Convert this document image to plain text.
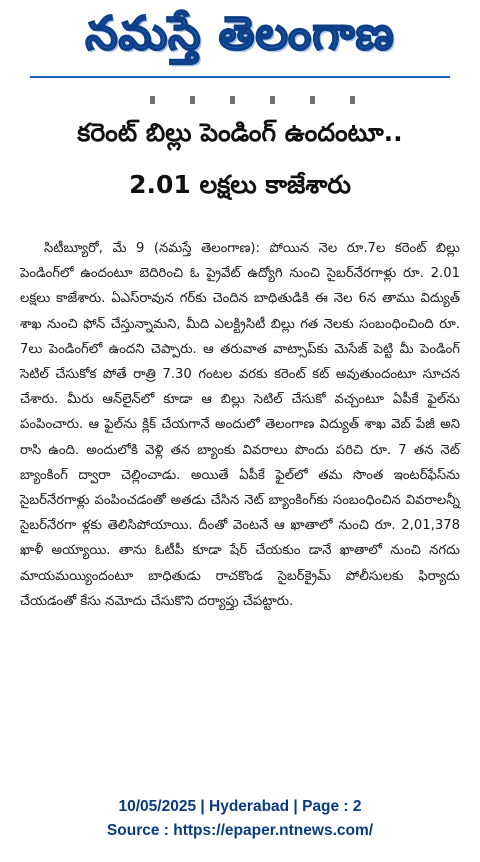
నమస్తే తెలంగాణ
కరెంట్ బిల్లు పెండింగ్ ఉందంటూ..
2.01 లక్షలు కాజేశారు

సిటీబ్యూరో, మే 9 (నమస్తే తెలంగాణ): పోయిన నెల రూ.7ల కరెంట్ బిల్లు పెండింగ్‌లో ఉందంటూ బెదిరించి ఓ ప్రైవేట్ ఉద్యోగి నుంచి సైబర్‌నేరగాళ్లు రూ. 2.01 లక్షలు కాజేశారు. ఏఎస్‌రావున గర్‌కు చెందిన బాధితుడికి ఈ నెల 6న తాము విద్యుత్ శాఖ నుంచి ఫోన్ చేస్తున్నామని, మీది ఎలక్ట్రిసిటీ బిల్లు గత నెలకు సంబంధించింది రూ. 7లు పెండింగ్‌లో ఉందని చెప్పారు. ఆ తరువాత వాట్సాప్‌కు మెసేజ్ పెట్టి మీ పెండింగ్ సెటిల్ చేసుకోక పోతే రాత్రి 7.30 గంటల వరకు కరెంట్ కట్ అవుతుందంటూ సూచన చేశారు. మీరు ఆన్‌లైన్‌లో కూడా ఆ బిల్లు సెటిల్ చేసుకో వచ్చంటూ ఏపీకే ఫైల్‌ను పంపించారు. ఆ ఫైల్‌ను క్లిక్ చేయగానే అందులో తెలంగాణ విద్యుత్ శాఖ వెబ్ పేజీ అని రాసి ఉంది. అందులోకి వెళ్లి తన బ్యాంకు వివరాలు పొందు పరిచి రూ. 7 తన నెట్ బ్యాంకింగ్ ద్వారా చెల్లించాడు. అయితే ఏపీకే ఫైల్‌లో తమ సొంత ఇంటర్‌ఫేస్‌ను సైబర్‌నేరగాళ్లు పంపించడంతో అతడు చేసిన నెట్ బ్యాంకింగ్‌కు సంబంధించిన వివరాలన్నీ సైబర్‌నేరగా ళ్లకు తెలిసిపోయాయి. దీంతో వెంటనే ఆ ఖాతాలో నుంచి రూ. 2,01,378 ఖాళీ అయ్యాయి. తాను ఓటీపీ కూడా షేర్ చేయకుం డానే ఖాతాలో నుంచి నగదు మాయమయ్యిందంటూ బాధితుడు రాచకొండ సైబర్‌క్రైమ్ పోలీసులకు ఫిర్యాదు చేయడంతో కేసు నమోదు చేసుకొని దర్యాప్తు చేపట్టారు.

10/05/2025 | Hyderabad | Page : 2
Source : https://epaper.ntnews.com/
